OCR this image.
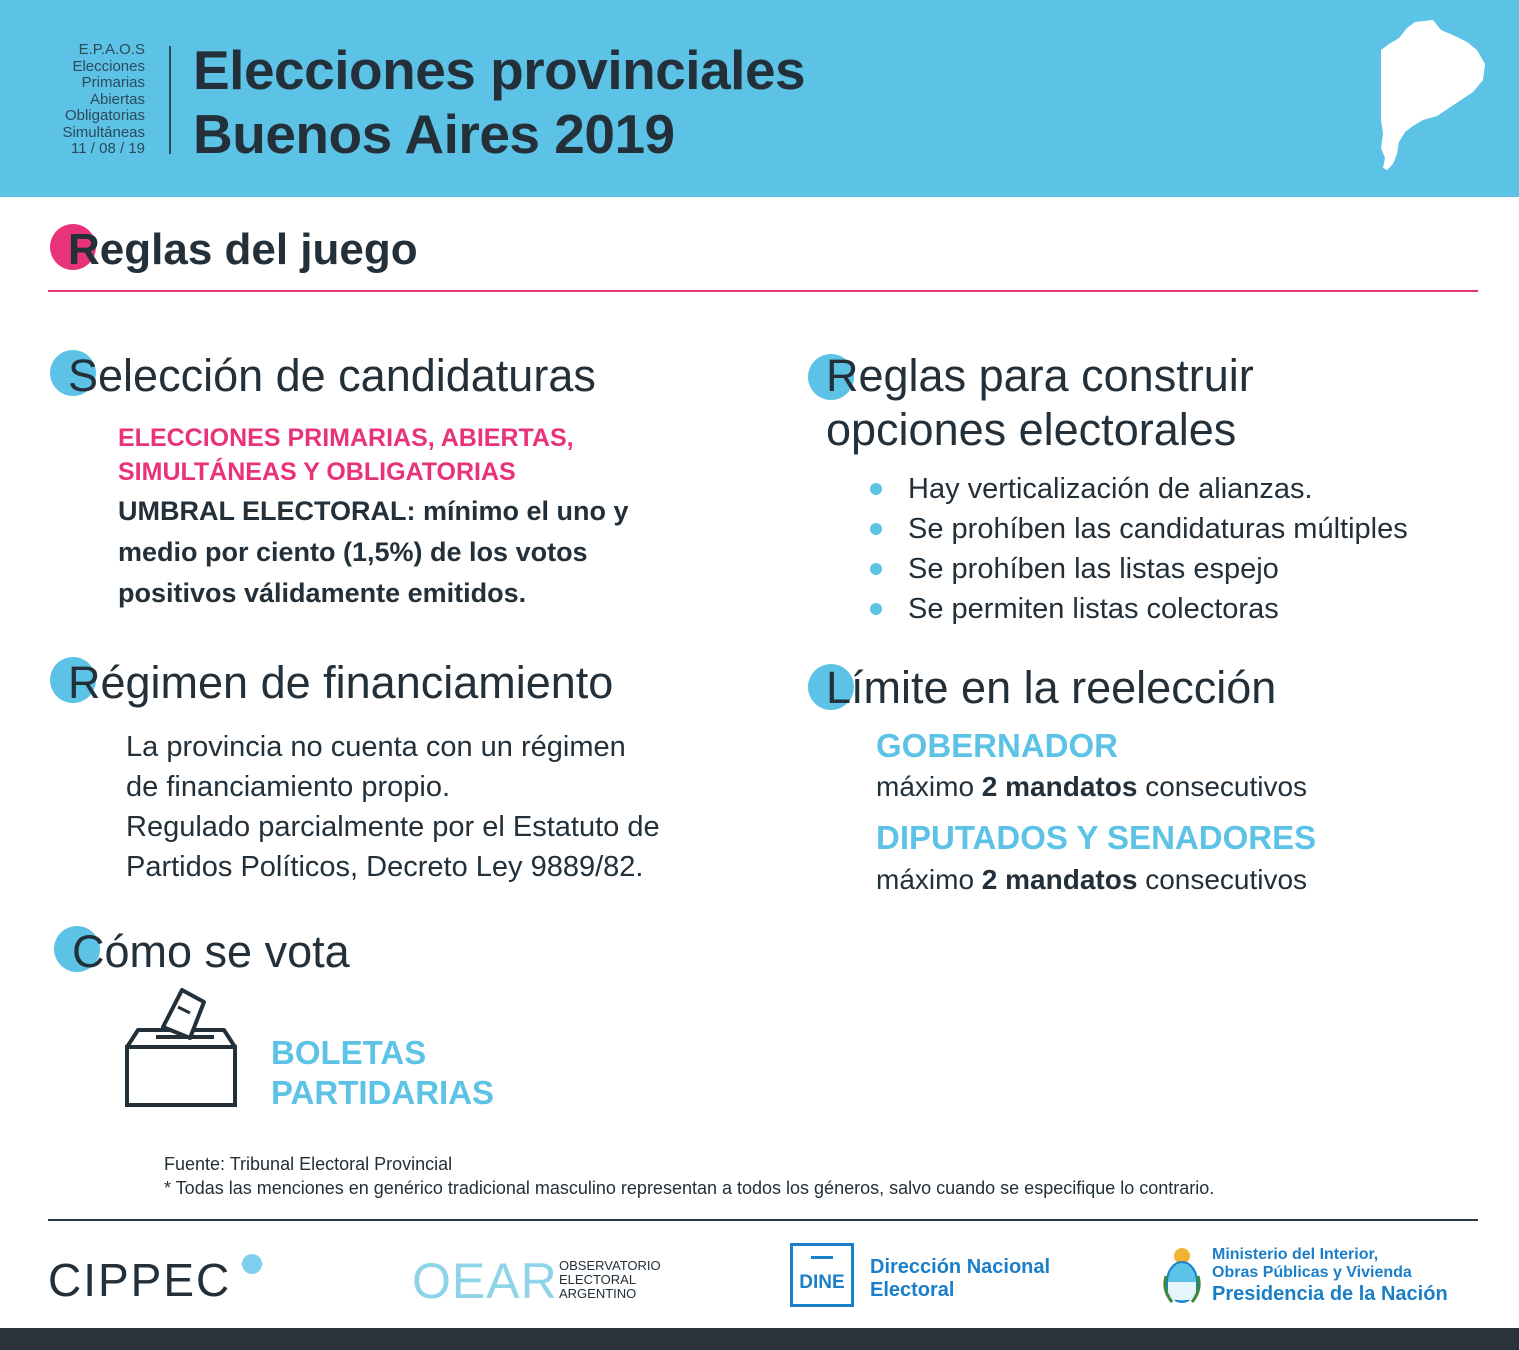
E.P.A.O.S
Elecciones
Primarias
Abiertas
Obligatorias
Simultáneas
11 / 08 / 19
Elecciones provinciales
Buenos Aires 2019
Reglas del juego
Selección de candidaturas
ELECCIONES PRIMARIAS, ABIERTAS,
SIMULTÁNEAS Y OBLIGATORIAS
UMBRAL ELECTORAL: mínimo el uno y
medio por ciento (1,5%) de los votos
positivos válidamente emitidos.
Régimen de financiamiento
La provincia no cuenta con un régimen
de financiamiento propio.
Regulado parcialmente por el Estatuto de
Partidos Políticos, Decreto Ley 9889/82.
Cómo se vota
BOLETAS
PARTIDARIAS
Reglas para construir
opciones electorales
Hay verticalización de alianzas.
Se prohíben las candidaturas múltiples
Se prohíben las listas espejo
Se permiten listas colectoras
Límite en la reelección
GOBERNADOR
máximo 2 mandatos consecutivos
DIPUTADOS Y SENADORES
máximo 2 mandatos consecutivos
Fuente: Tribunal Electoral Provincial
* Todas las menciones en genérico tradicional masculino representan a todos los géneros, salvo cuando se especifique lo contrario.
CIPPEC	OEAR OBSERVATORIO
ELECTORAL
ARGENTINO
DINE
Dirección Nacional
Electoral
Ministerio del Interior,
Obras Públicas y Vivienda
Presidencia de la Nación
